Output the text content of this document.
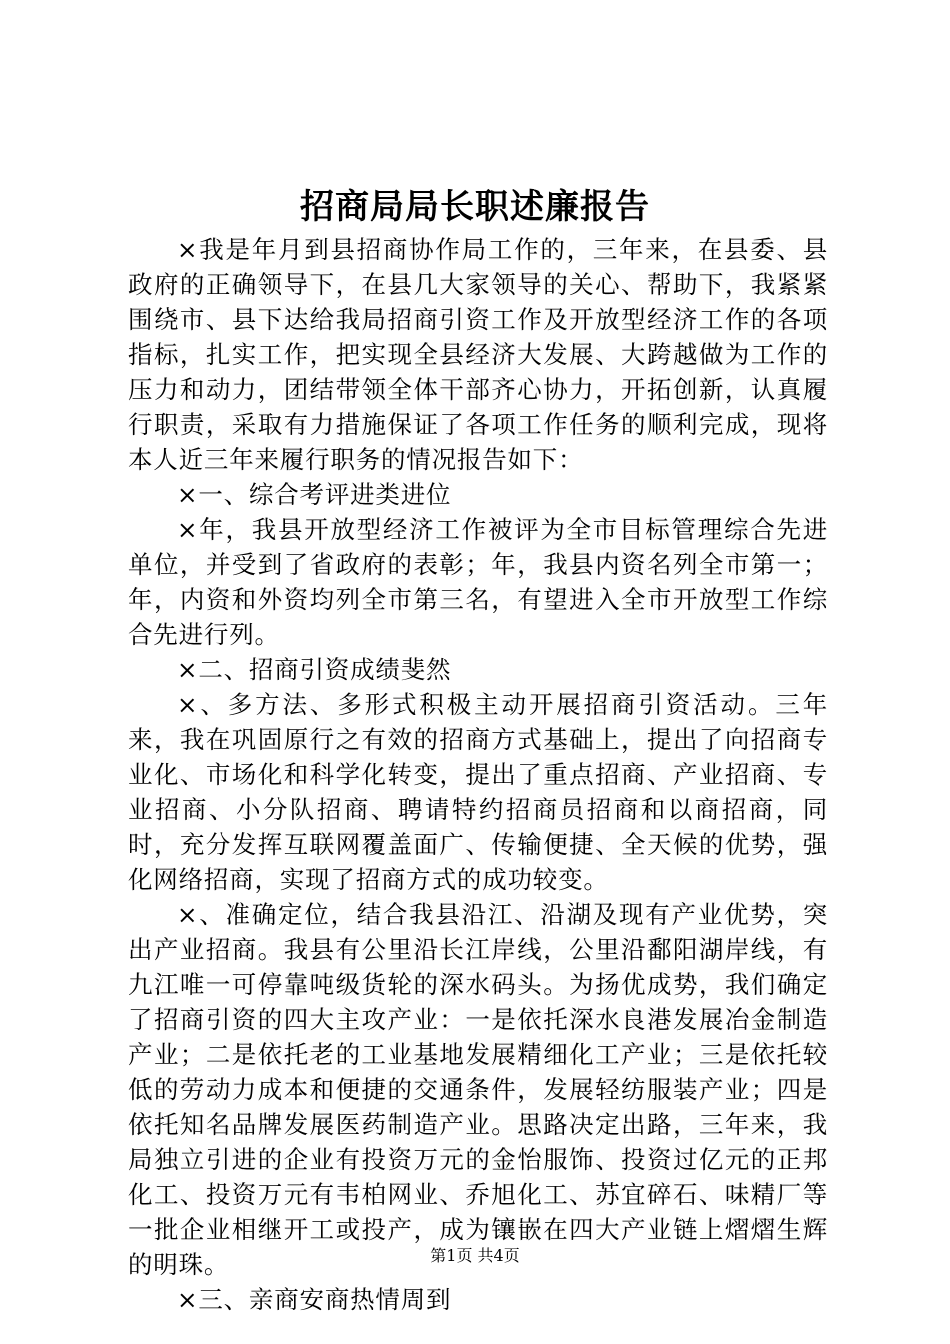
招商局局长职述廉报告

×我是年月到县招商协作局工作的，三年来，在县委、县政府的正确领导下，在县几大家领导的关心、帮助下，我紧紧围绕市、县下达给我局招商引资工作及开放型经济工作的各项指标，扎实工作，把实现全县经济大发展、大跨越做为工作的压力和动力，团结带领全体干部齐心协力，开拓创新，认真履行职责，采取有力措施保证了各项工作任务的顺利完成，现将本人近三年来履行职务的情况报告如下：

×一、综合考评进类进位

×年，我县开放型经济工作被评为全市目标管理综合先进单位，并受到了省政府的表彰；年，我县内资名列全市第一；年，内资和外资均列全市第三名，有望进入全市开放型工作综合先进行列。

×二、招商引资成绩斐然

×、多方法、多形式积极主动开展招商引资活动。三年来，我在巩固原行之有效的招商方式基础上，提出了向招商专业化、市场化和科学化转变，提出了重点招商、产业招商、专业招商、小分队招商、聘请特约招商员招商和以商招商，同时，充分发挥互联网覆盖面广、传输便捷、全天候的优势，强化网络招商，实现了招商方式的成功较变。

×、准确定位，结合我县沿江、沿湖及现有产业优势，突出产业招商。我县有公里沿长江岸线，公里沿鄱阳湖岸线，有九江唯一可停靠吨级货轮的深水码头。为扬优成势，我们确定了招商引资的四大主攻产业：一是依托深水良港发展冶金制造产业；二是依托老的工业基地发展精细化工产业；三是依托较低的劳动力成本和便捷的交通条件，发展轻纺服装产业；四是依托知名品牌发展医药制造产业。思路决定出路，三年来，我局独立引进的企业有投资万元的金怡服饰、投资过亿元的正邦化工、投资万元有韦柏网业、乔旭化工、苏宜碎石、味精厂等一批企业相继开工或投产，成为镶嵌在四大产业链上熠熠生辉的明珠。

×三、亲商安商热情周到

第1页 共4页
